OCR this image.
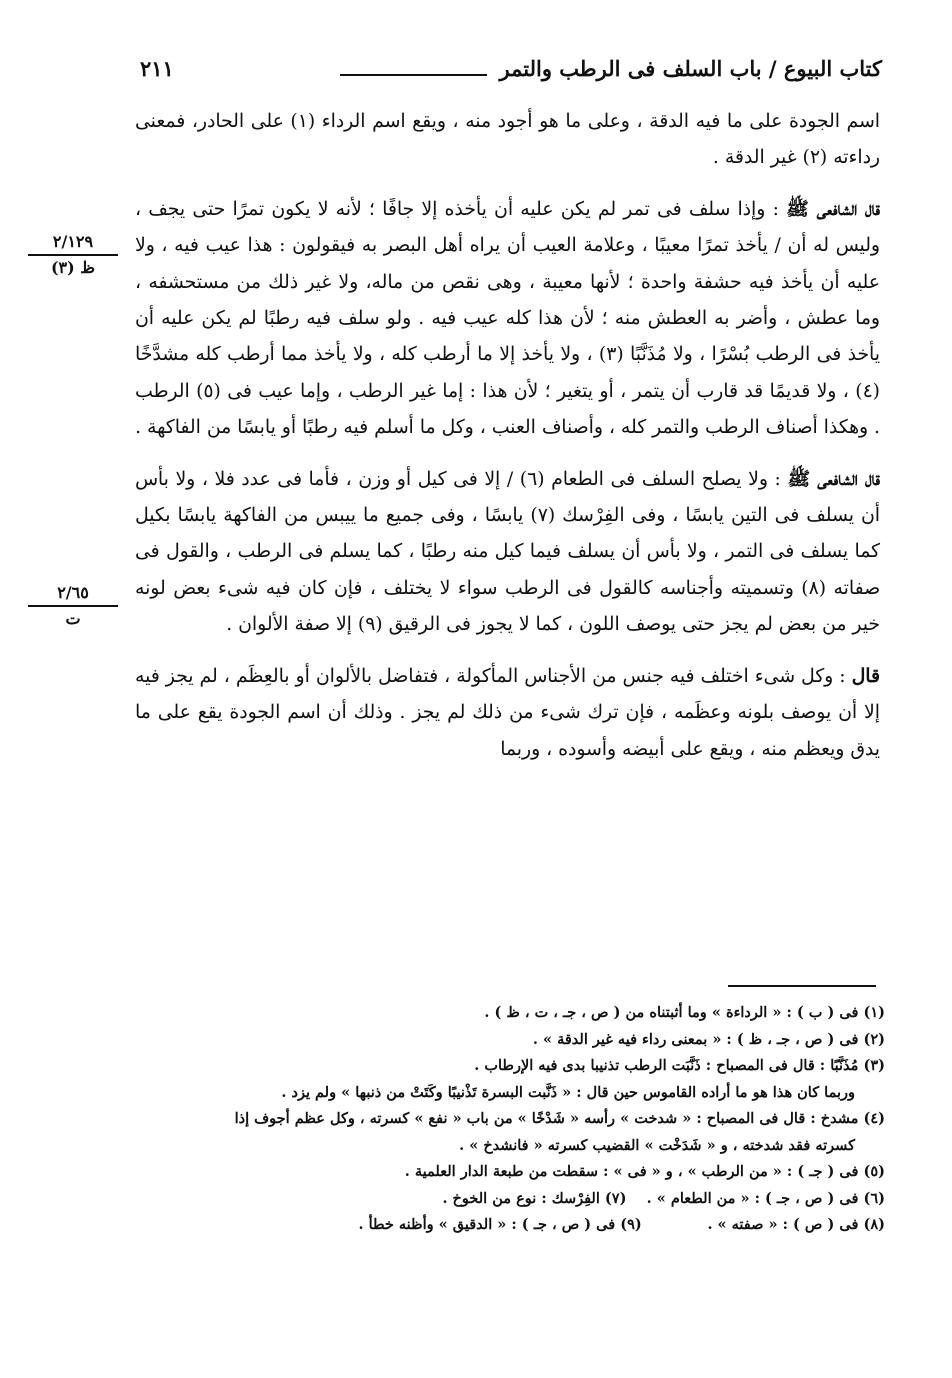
كتاب البيوع / باب السلف فى الرطب والتمر
٢١١
٢/١٢٩
ظ (٣)
٢/٦٥
ت

اسم الجودة على ما فيه الدقة ، وعلى ما هو أجود منه ، ويقع اسم الرداء (١) على الحادر، فمعنى رداءته (٢) غير الدقة .

قال الشافعى ﷺ : وإذا سلف فى تمر لم يكن عليه أن يأخذه إلا جافًا ؛ لأنه لا يكون تمرًا حتى يجف ، وليس له أن / يأخذ تمرًا معيبًا ، وعلامة العيب أن يراه أهل البصر به فيقولون : هذا عيب فيه ، ولا عليه أن يأخذ فيه حشفة واحدة ؛ لأنها معيبة ، وهى نقص من ماله، ولا غير ذلك من مستحشفه ، وما عطش ، وأضر به العطش منه ؛ لأن هذا كله عيب فيه . ولو سلف فيه رطبًا لم يكن عليه أن يأخذ فى الرطب بُسْرًا ، ولا مُذَنَّبًا (٣) ، ولا يأخذ إلا ما أرطب كله ، ولا يأخذ مما أرطب كله مشدَّخًا (٤) ، ولا قديمًا قد قارب أن يتمر ، أو يتغير ؛ لأن هذا : إما غير الرطب ، وإما عيب فى (٥) الرطب . وهكذا أصناف الرطب والتمر كله ، وأصناف العنب ، وكل ما أسلم فيه رطبًا أو يابسًا من الفاكهة .

قال الشافعى ﷺ : ولا يصلح السلف فى الطعام (٦) / إلا فى كيل أو وزن ، فأما فى عدد فلا ، ولا بأس أن يسلف فى التين يابسًا ، وفى الفِرْسك (٧) يابسًا ، وفى جميع ما ييبس من الفاكهة يابسًا بكيل كما يسلف فى التمر ، ولا بأس أن يسلف فيما كيل منه رطبًا ، كما يسلم فى الرطب ، والقول فى صفاته (٨) وتسميته وأجناسه كالقول فى الرطب سواء لا يختلف ، فإن كان فيه شىء بعض لونه خير من بعض لم يجز حتى يوصف اللون ، كما لا يجوز فى الرقيق (٩) إلا صفة الألوان .

قال : وكل شىء اختلف فيه جنس من الأجناس المأكولة ، فتفاضل بالألوان أو بالعِظَم ، لم يجز فيه إلا أن يوصف بلونه وعظَمه ، فإن ترك شىء من ذلك لم يجز . وذلك أن اسم الجودة يقع على ما يدق ويعظم منه ، ويقع على أبيضه وأسوده ، وربما

(١) فى ( ب ) : « الرداءة » وما أثبتناه من ( ص ، جـ ، ت ، ظ ) .

(٢) فى ( ص ، جـ ، ظ ) : « بمعنى رداء فيه غير الدقة » .

(٣) مُذَنَّبًا : قال فى المصباح : ذَنَّبَت الرطب تذنيبا بدى فيه الإرطاب .

وربما كان هذا هو ما أراده القاموس حين قال : « ذَنَّبت البسرة تَذْنيبًا وكَتَتْ من ذنبها » ولم يزد .

(٤) مشدخ : قال فى المصباح : « شدخت » رأسه « شَدْخًا » من باب « نفع » كسرته ، وكل عظم أجوف إذا

كسرته فقد شدخته ، و « شَدَخْت » القضيب كسرته « فانشدخ » .

(٥) فى ( جـ ) : « من الرطب » ، و « فى » : سقطت من طبعة الدار العلمية .

(٦) فى ( ص ، جـ ) : « من الطعام » .    (٧) الفِرْسك : نوع من الخوخ .

(٨) فى ( ص ) : « صفته » .             (٩) فى ( ص ، جـ ) : « الدقيق » وأظنه خطأ .
